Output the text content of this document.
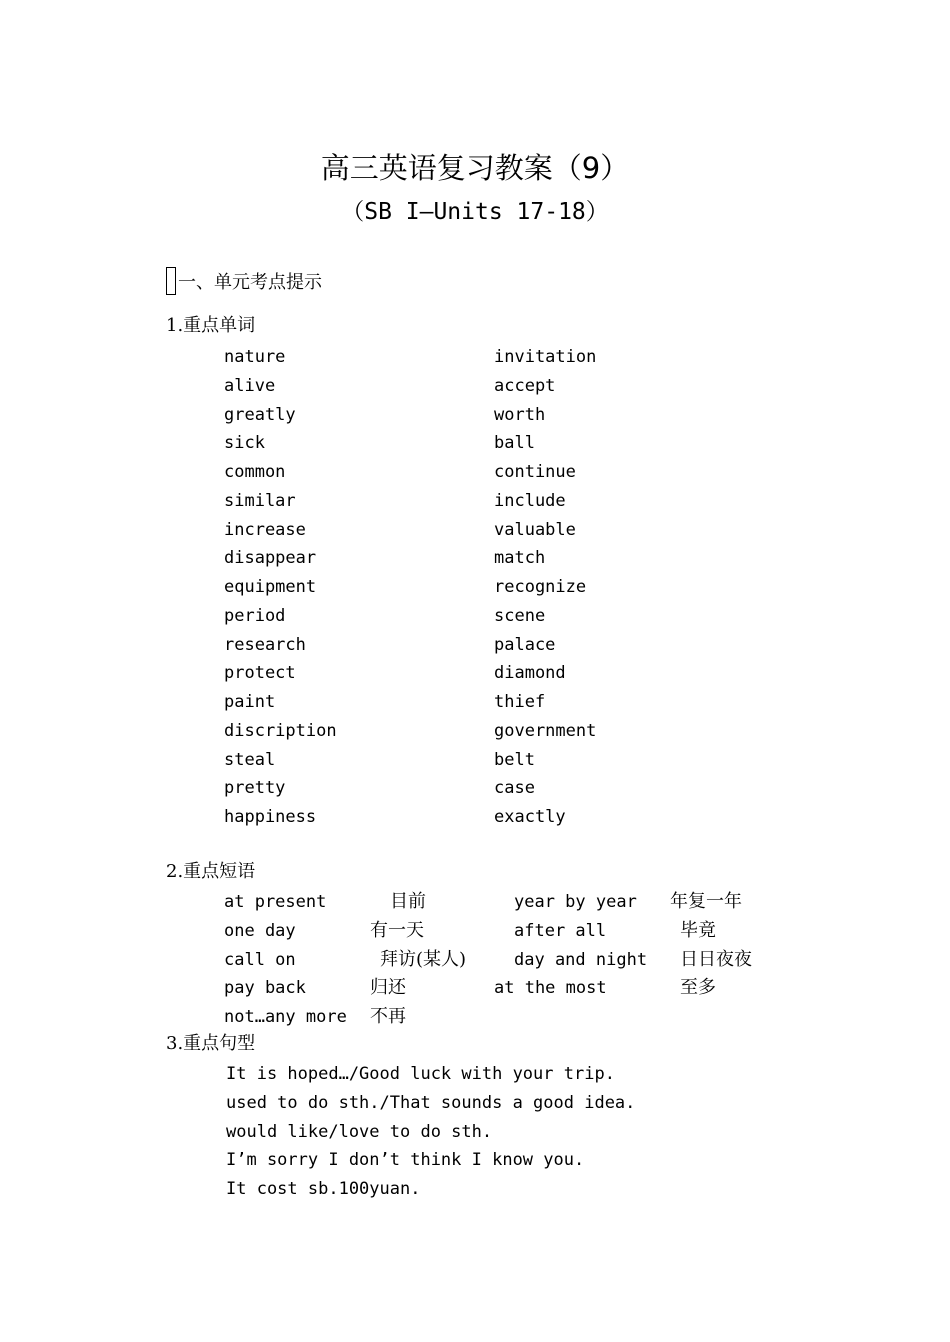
高三英语复习教案（9）
（SB I—Units 17-18）
一、单元考点提示
1.重点单词
nature	invitation
alive	accept
greatly	worth
sick	ball
common	continue
similar	include
increase	valuable
disappear	match
equipment	recognize
period	scene
research	palace
protect	diamond
paint	thief
discription	government
steal	belt
pretty	case
happiness	exactly
2.重点短语
at present	目前	year by year 年复一年
one day	有一天	after all	毕竟
call on	拜访(某人)	day and night 日日夜夜
pay back	归还	at the most	至多
not…any more 不再
3.重点句型
It is hoped…/Good luck with your trip.
used to do sth./That sounds a good idea.
would like/love to do sth.
I’m sorry I don’t think I know you.
It cost sb.100yuan.
